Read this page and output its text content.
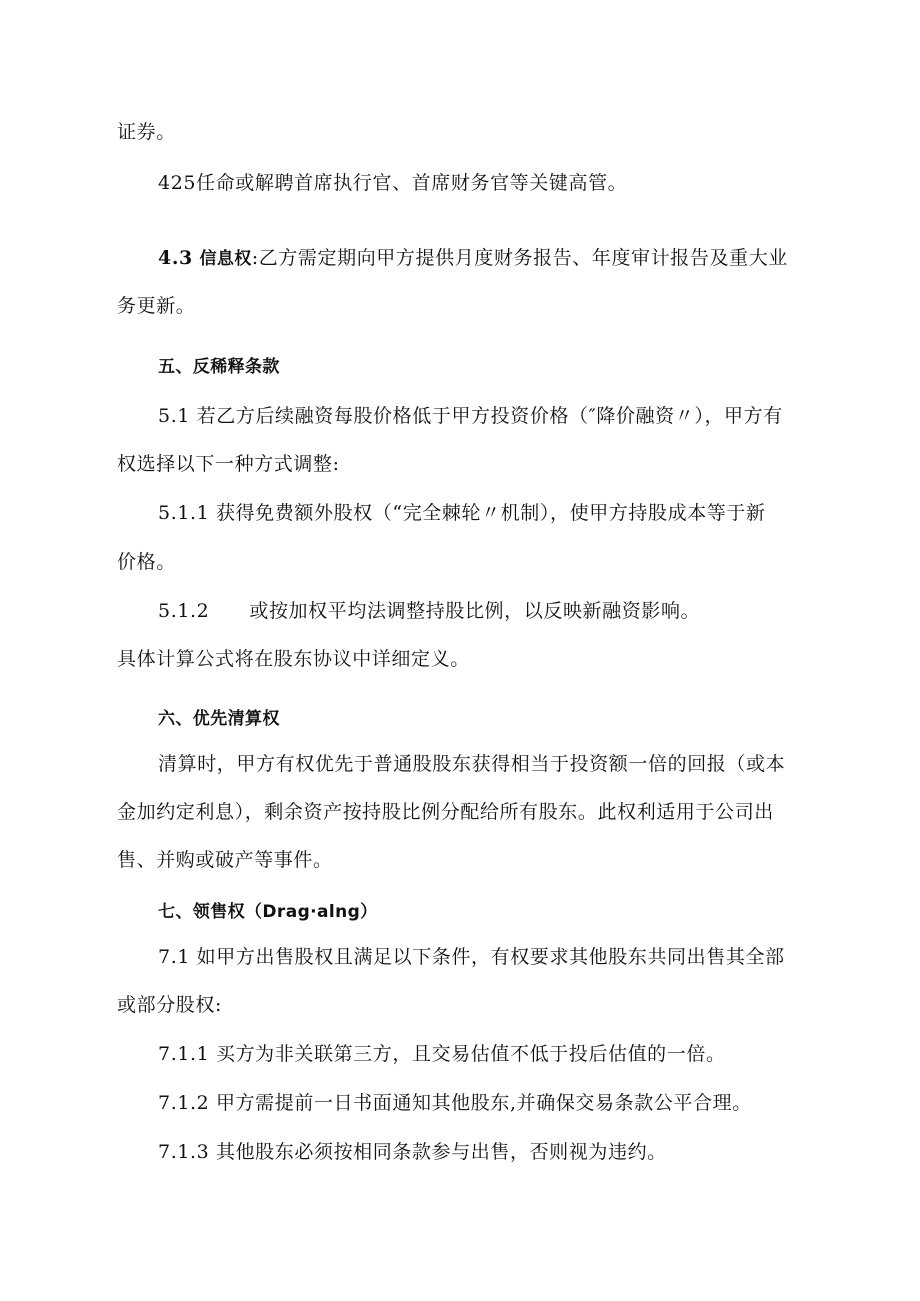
证券。
425任命或解聘首席执行官、首席财务官等关键高管。
4.3 信息权:乙方需定期向甲方提供月度财务报告、年度审计报告及重大业
务更新。
五、反稀释条款
5.1 若乙方后续融资每股价格低于甲方投资价格（″降价融资〃），甲方有
权选择以下一种方式调整:
5.1.1 获得免费额外股权（“完全棘轮〃机制），使甲方持股成本等于新
价格。
5.1.2 或按加权平均法调整持股比例，以反映新融资影响。
具体计算公式将在股东协议中详细定义。
六、优先清算权
清算时，甲方有权优先于普通股股东获得相当于投资额一倍的回报（或本
金加约定利息），剩余资产按持股比例分配给所有股东。此权利适用于公司出
售、并购或破产等事件。
七、领售权（Drag·alng）
7.1 如甲方出售股权且满足以下条件，有权要求其他股东共同出售其全部
或部分股权:
7.1.1 买方为非关联第三方，且交易估值不低于投后估值的一倍。
7.1.2 甲方需提前一日书面通知其他股东,并确保交易条款公平合理。
7.1.3 其他股东必须按相同条款参与出售，否则视为违约。
